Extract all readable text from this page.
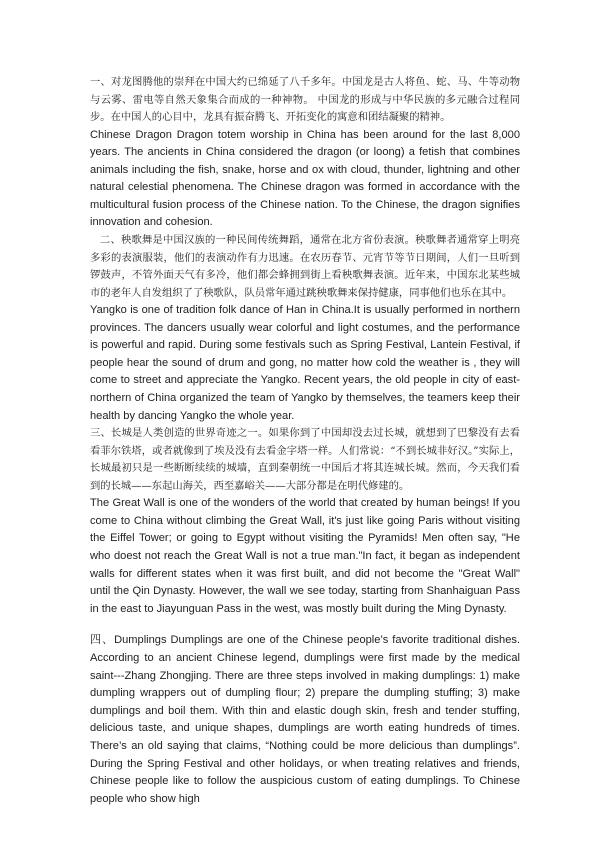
一、对龙图腾他的崇拜在中国大约已绵延了八千多年。中国龙是古人将鱼、蛇、马、牛等动物与云雾、雷电等自然天象集合而成的一种神物。 中国龙的形成与中华民族的多元融合过程同步。在中国人的心目中，龙具有振奋腾飞、开拓变化的寓意和团结凝聚的精神。

Chinese Dragon Dragon totem worship in China has been around for the last 8,000 years. The ancients in China considered the dragon (or loong) a fetish that combines animals including the fish, snake, horse and ox with cloud, thunder, lightning and other natural celestial phenomena. The Chinese dragon was formed in accordance with the multicultural fusion process of the Chinese nation. To the Chinese, the dragon signifies innovation and cohesion.

二、秧歌舞是中国汉族的一种民间传统舞蹈，通常在北方省份表演。秧歌舞者通常穿上明亮多彩的表演服装，他们的表演动作有力迅速。在农历春节、元宵节等节日期间，人们一旦听到锣鼓声，不管外面天气有多冷，他们都会蜂拥到街上看秧歌舞表演。近年来，中国东北某些城市的老年人自发组织了了秧歌队，队员常年通过跳秧歌舞来保持健康，同事他们也乐在其中。

Yangko is one of tradition folk dance of Han in China.It is usually performed in northern provinces. The dancers usually wear colorful and light costumes, and the performance is powerful and rapid. During some festivals such as Spring Festival, Lantein Festival, if people hear the sound of drum and gong, no matter how cold the weather is , they will come to street and appreciate the Yangko. Recent years, the old people in city of east-northern of China organized the team of Yangko by themselves, the teamers keep their health by dancing Yangko the whole year.

三、长城是人类创造的世界奇迹之一。如果你到了中国却没去过长城，就想到了巴黎没有去看看菲尔铁塔，或者就像到了埃及没有去看金字塔一样。人们常说：“不到长城非好汉。”实际上，长城最初只是一些断断续续的城墙，直到秦朝统一中国后才将其连城长城。然而，今天我们看到的长城——东起山海关，西至嘉峪关——大部分都是在明代修建的。

The Great Wall is one of the wonders of the world that created by human beings! If you come to China without climbing the Great Wall, it's just like going Paris without visiting the Eiffel Tower; or going to Egypt without visiting the Pyramids! Men often say, "He who doest not reach the Great Wall is not a true man."In fact, it began as independent walls for different states when it was first built, and did not become the "Great Wall" until the Qin Dynasty. However, the wall we see today, starting from Shanhaiguan Pass in the east to Jiayunguan Pass in the west, was mostly built during the Ming Dynasty.

四、Dumplings Dumplings are one of the Chinese people’s favorite traditional dishes. According to an ancient Chinese legend, dumplings were first made by the medical saint---Zhang Zhongjing. There are three steps involved in making dumplings: 1) make dumpling wrappers out of dumpling flour; 2) prepare the dumpling stuffing; 3) make dumplings and boil them. With thin and elastic dough skin, fresh and tender stuffing, delicious taste, and unique shapes, dumplings are worth eating hundreds of times. There’s an old saying that claims, “Nothing could be more delicious than dumplings”. During the Spring Festival and other holidays, or when treating relatives and friends, Chinese people like to follow the auspicious custom of eating dumplings. To Chinese people who show high
